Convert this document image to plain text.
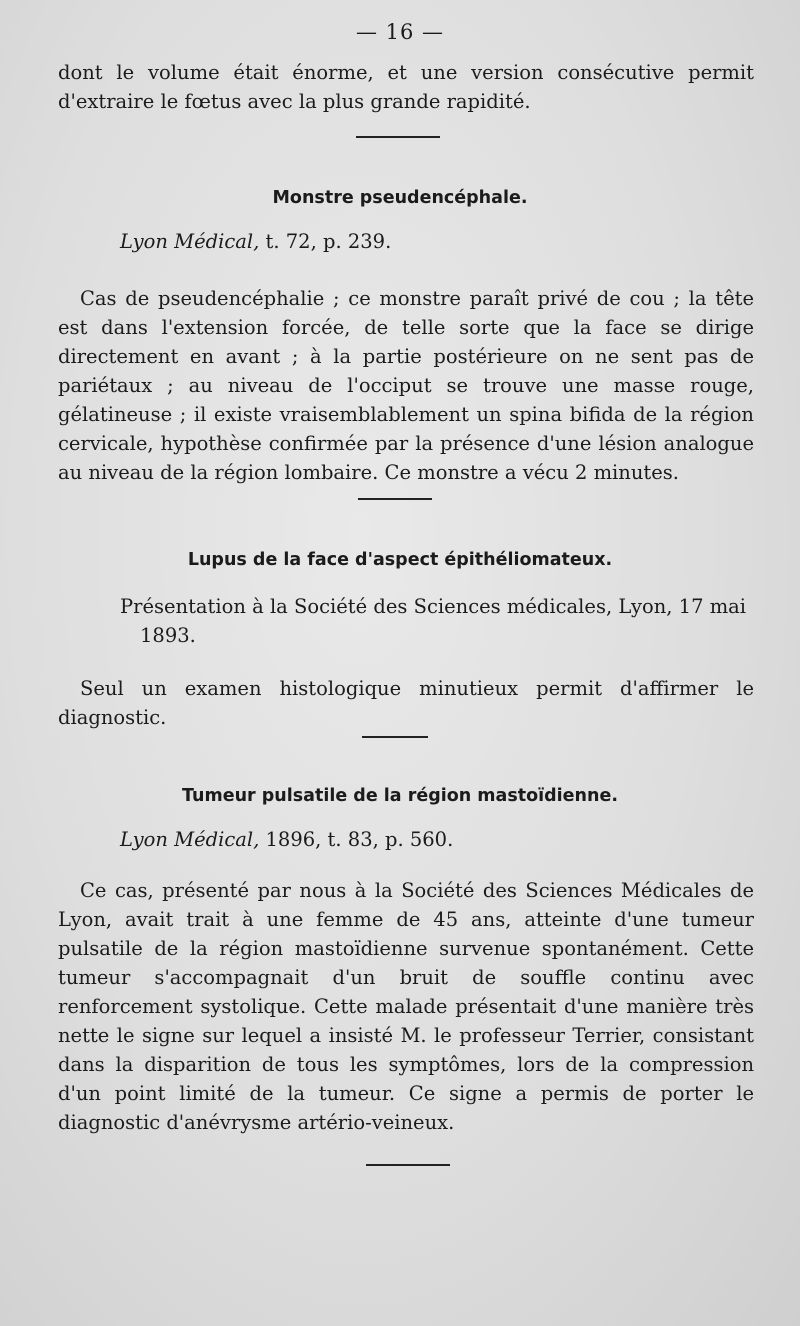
— 16 —

dont le volume était énorme, et une version consécutive permit d'extraire le fœtus avec la plus grande rapidité.

Monstre pseudencéphale.

Lyon Médical, t. 72, p. 239.

Cas de pseudencéphalie ; ce monstre paraît privé de cou ; la tête est dans l'extension forcée, de telle sorte que la face se dirige directement en avant ; à la partie postérieure on ne sent pas de pariétaux ; au niveau de l'occiput se trouve une masse rouge, gélatineuse ; il existe vraisemblablement un spina bifida de la région cervicale, hypothèse confirmée par la présence d'une lésion analogue au niveau de la région lombaire. Ce monstre a vécu 2 minutes.

Lupus de la face d'aspect épithéliomateux.

Présentation à la Société des Sciences médicales, Lyon, 17 mai
1893.

Seul un examen histologique minutieux permit d'affirmer le diagnostic.

Tumeur pulsatile de la région mastoïdienne.

Lyon Médical, 1896, t. 83, p. 560.

Ce cas, présenté par nous à la Société des Sciences Médicales de Lyon, avait trait à une femme de 45 ans, atteinte d'une tumeur pulsatile de la région mastoïdienne survenue spontanément. Cette tumeur s'accompagnait d'un bruit de souffle continu avec renforcement systolique. Cette malade présentait d'une manière très nette le signe sur lequel a insisté M. le professeur Terrier, consistant dans la disparition de tous les symptômes, lors de la compression d'un point limité de la tumeur. Ce signe a permis de porter le diagnostic d'anévrysme artério-veineux.
